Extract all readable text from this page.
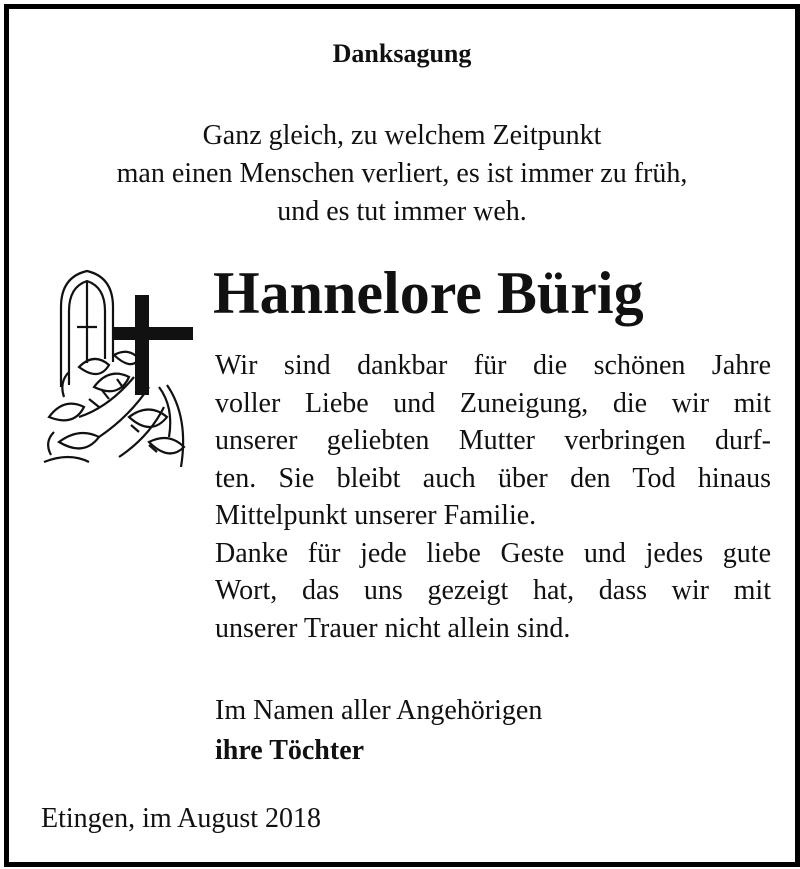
Danksagung
Ganz gleich, zu welchem Zeitpunkt
man einen Menschen verliert, es ist immer zu früh,
und es tut immer weh.
Hannelore Bürig
Wir sind dankbar für die schönen Jahre
voller Liebe und Zuneigung, die wir mit
unserer geliebten Mutter verbringen durf-
ten. Sie bleibt auch über den Tod hinaus
Mittelpunkt unserer Familie.
Danke für jede liebe Geste und jedes gute
Wort, das uns gezeigt hat, dass wir mit
unserer Trauer nicht allein sind.
Im Namen aller Angehörigen
ihre Töchter
Etingen, im August 2018
